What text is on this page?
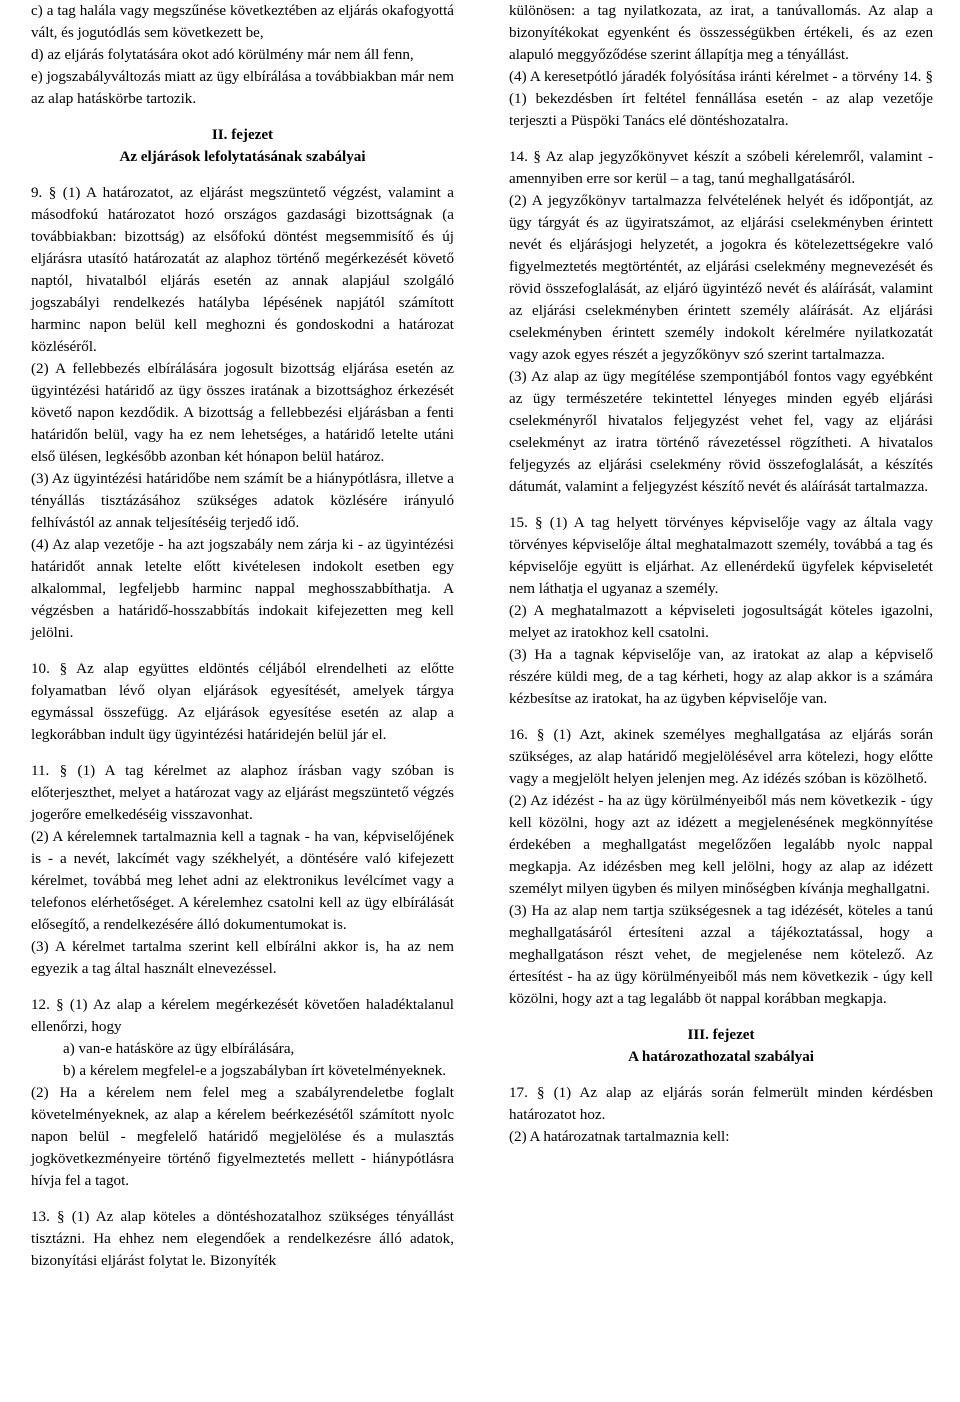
c) a tag halála vagy megszűnése következtében az eljárás okafogyottá vált, és jogutódlás sem következett be,
d) az eljárás folytatására okot adó körülmény már nem áll fenn,
e) jogszabályváltozás miatt az ügy elbírálása a továbbiakban már nem az alap hatáskörbe tartozik.
II. fejezet
Az eljárások lefolytatásának szabályai
9. § (1) A határozatot, az eljárást megszüntető végzést, valamint a másodfokú határozatot hozó országos gazdasági bizottságnak (a továbbiakban: bizottság) az elsőfokú döntést megsemmisítő és új eljárásra utasító határozatát az alaphoz történő megérkezését követő naptól, hivatalból eljárás esetén az annak alapjául szolgáló jogszabályi rendelkezés hatályba lépésének napjától számított harminc napon belül kell meghozni és gondoskodni a határozat közléséről.
(2) A fellebbezés elbírálására jogosult bizottság eljárása esetén az ügyintézési határidő az ügy összes iratának a bizottsághoz érkezését követő napon kezdődik. A bizottság a fellebbezési eljárásban a fenti határidőn belül, vagy ha ez nem lehetséges, a határidő letelte utáni első ülésen, legkésőbb azonban két hónapon belül határoz.
(3) Az ügyintézési határidőbe nem számít be a hiánypótlásra, illetve a tényállás tisztázásához szükséges adatok közlésére irányuló felhívástól az annak teljesítéséig terjedő idő.
(4) Az alap vezetője - ha azt jogszabály nem zárja ki - az ügyintézési határidőt annak letelte előtt kivételesen indokolt esetben egy alkalommal, legfeljebb harminc nappal meghosszabbíthatja. A végzésben a határidő-hosszabbítás indokait kifejezetten meg kell jelölni.
10. § Az alap együttes eldöntés céljából elrendelheti az előtte folyamatban lévő olyan eljárások egyesítését, amelyek tárgya egymással összefügg. Az eljárások egyesítése esetén az alap a legkorábban indult ügy ügyintézési határidején belül jár el.
11. § (1) A tag kérelmet az alaphoz írásban vagy szóban is előterjeszthet, melyet a határozat vagy az eljárást megszüntető végzés jogerőre emelkedéséig visszavonhat.
(2) A kérelemnek tartalmaznia kell a tagnak - ha van, képviselőjének is - a nevét, lakcímét vagy székhelyét, a döntésére való kifejezett kérelmet, továbbá meg lehet adni az elektronikus levélcímet vagy a telefonos elérhetőséget. A kérelemhez csatolni kell az ügy elbírálását elősegítő, a rendelkezésére álló dokumentumokat is.
(3) A kérelmet tartalma szerint kell elbírálni akkor is, ha az nem egyezik a tag által használt elnevezéssel.
12. § (1) Az alap a kérelem megérkezését követően haladéktalanul ellenőrzi, hogy
a) van-e hatásköre az ügy elbírálására,
b) a kérelem megfelel-e a jogszabályban írt követelményeknek.
(2) Ha a kérelem nem felel meg a szabályrendeletbe foglalt követelményeknek, az alap a kérelem beérkezésétől számított nyolc napon belül - megfelelő határidő megjelölése és a mulasztás jogkövetkezményeire történő figyelmeztetés mellett - hiánypótlásra hívja fel a tagot.
13. § (1) Az alap köteles a döntéshozatalhoz szükséges tényállást tisztázni. Ha ehhez nem elegendőek a rendelkezésre álló adatok, bizonyítási eljárást folytat le. Bizonyíték
különösen: a tag nyilatkozata, az irat, a tanúvallomás. Az alap a bizonyítékokat egyenként és összességükben értékeli, és az ezen alapuló meggyőződése szerint állapítja meg a tényállást.
(4) A keresetpótló járadék folyósítása iránti kérelmet - a törvény 14. § (1) bekezdésben írt feltétel fennállása esetén - az alap vezetője terjeszti a Püspöki Tanács elé döntéshozatalra.
14. § Az alap jegyzőkönyvet készít a szóbeli kérelemről, valamint - amennyiben erre sor kerül – a tag, tanú meghallgatásáról.
(2) A jegyzőkönyv tartalmazza felvételének helyét és időpontját, az ügy tárgyát és az ügyiratszámot, az eljárási cselekményben érintett nevét és eljárásjogi helyzetét, a jogokra és kötelezettségekre való figyelmeztetés megtörténtét, az eljárási cselekmény megnevezését és rövid összefoglalását, az eljáró ügyintéző nevét és aláírását, valamint az eljárási cselekményben érintett személy aláírását. Az eljárási cselekményben érintett személy indokolt kérelmére nyilatkozatát vagy azok egyes részét a jegyzőkönyv szó szerint tartalmazza.
(3) Az alap az ügy megítélése szempontjából fontos vagy egyébként az ügy természetére tekintettel lényeges minden egyéb eljárási cselekményről hivatalos feljegyzést vehet fel, vagy az eljárási cselekményt az iratra történő rávezetéssel rögzítheti. A hivatalos feljegyzés az eljárási cselekmény rövid összefoglalását, a készítés dátumát, valamint a feljegyzést készítő nevét és aláírását tartalmazza.
15. § (1) A tag helyett törvényes képviselője vagy az általa vagy törvényes képviselője által meghatalmazott személy, továbbá a tag és képviselője együtt is eljárhat. Az ellenérdekű ügyfelek képviseletét nem láthatja el ugyanaz a személy.
(2) A meghatalmazott a képviseleti jogosultságát köteles igazolni, melyet az iratokhoz kell csatolni.
(3) Ha a tagnak képviselője van, az iratokat az alap a képviselő részére küldi meg, de a tag kérheti, hogy az alap akkor is a számára kézbesítse az iratokat, ha az ügyben képviselője van.
16. § (1) Azt, akinek személyes meghallgatása az eljárás során szükséges, az alap határidő megjelölésével arra kötelezi, hogy előtte vagy a megjelölt helyen jelenjen meg. Az idézés szóban is közölhető.
(2) Az idézést - ha az ügy körülményeiből más nem következik - úgy kell közölni, hogy azt az idézett a megjelenésének megkönnyítése érdekében a meghallgatást megelőzően legalább nyolc nappal megkapja. Az idézésben meg kell jelölni, hogy az alap az idézett személyt milyen ügyben és milyen minőségben kívánja meghallgatni.
(3) Ha az alap nem tartja szükségesnek a tag idézését, köteles a tanú meghallgatásáról értesíteni azzal a tájékoztatással, hogy a meghallgatáson részt vehet, de megjelenése nem kötelező. Az értesítést - ha az ügy körülményeiből más nem következik - úgy kell közölni, hogy azt a tag legalább öt nappal korábban megkapja.
III. fejezet
A határozathozatal szabályai
17. § (1) Az alap az eljárás során felmerült minden kérdésben határozatot hoz.
(2) A határozatnak tartalmaznia kell:
